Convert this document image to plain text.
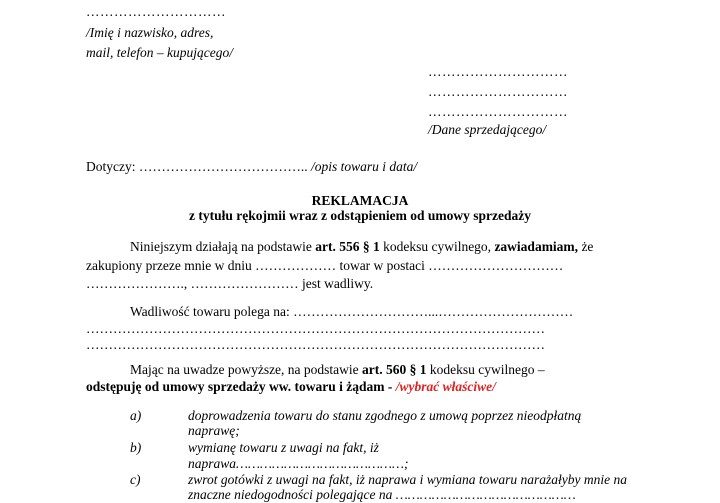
…………………………
/Imię i nazwisko, adres,
mail, telefon – kupującego/
…………………………
…………………………
…………………………
/Dane sprzedającego/
Dotyczy: ……………………………….. /opis towaru i data/
REKLAMACJA
z tytułu rękojmii wraz z odstąpieniem od umowy sprzedaży
Niniejszym działają na podstawie art. 556 § 1 kodeksu cywilnego, zawiadamiam, że
zakupiony przeze mnie w dniu ……………… towar w postaci …………………………
…………………., …………………… jest wadliwy.
Wadliwość towaru polega na: …………………………...…………………………
…………………………………………………………………………………………
…………………………………………………………………………………………
Mając na uwadze powyższe, na podstawie art. 560 § 1 kodeksu cywilnego –
odstępuję od umowy sprzedaży ww. towaru i żądam - /wybrać właściwe/
a)	doprowadzenia towaru do stanu zgodnego z umową poprzez nieodpłatną
naprawę;
b)	wymianę towaru z uwagi na fakt, iż
naprawa……………………………………;
c)	zwrot gotówki z uwagi na fakt, iż naprawa i wymiana towaru narażałyby mnie na
znaczne niedogodności polegające na ………………………………………
